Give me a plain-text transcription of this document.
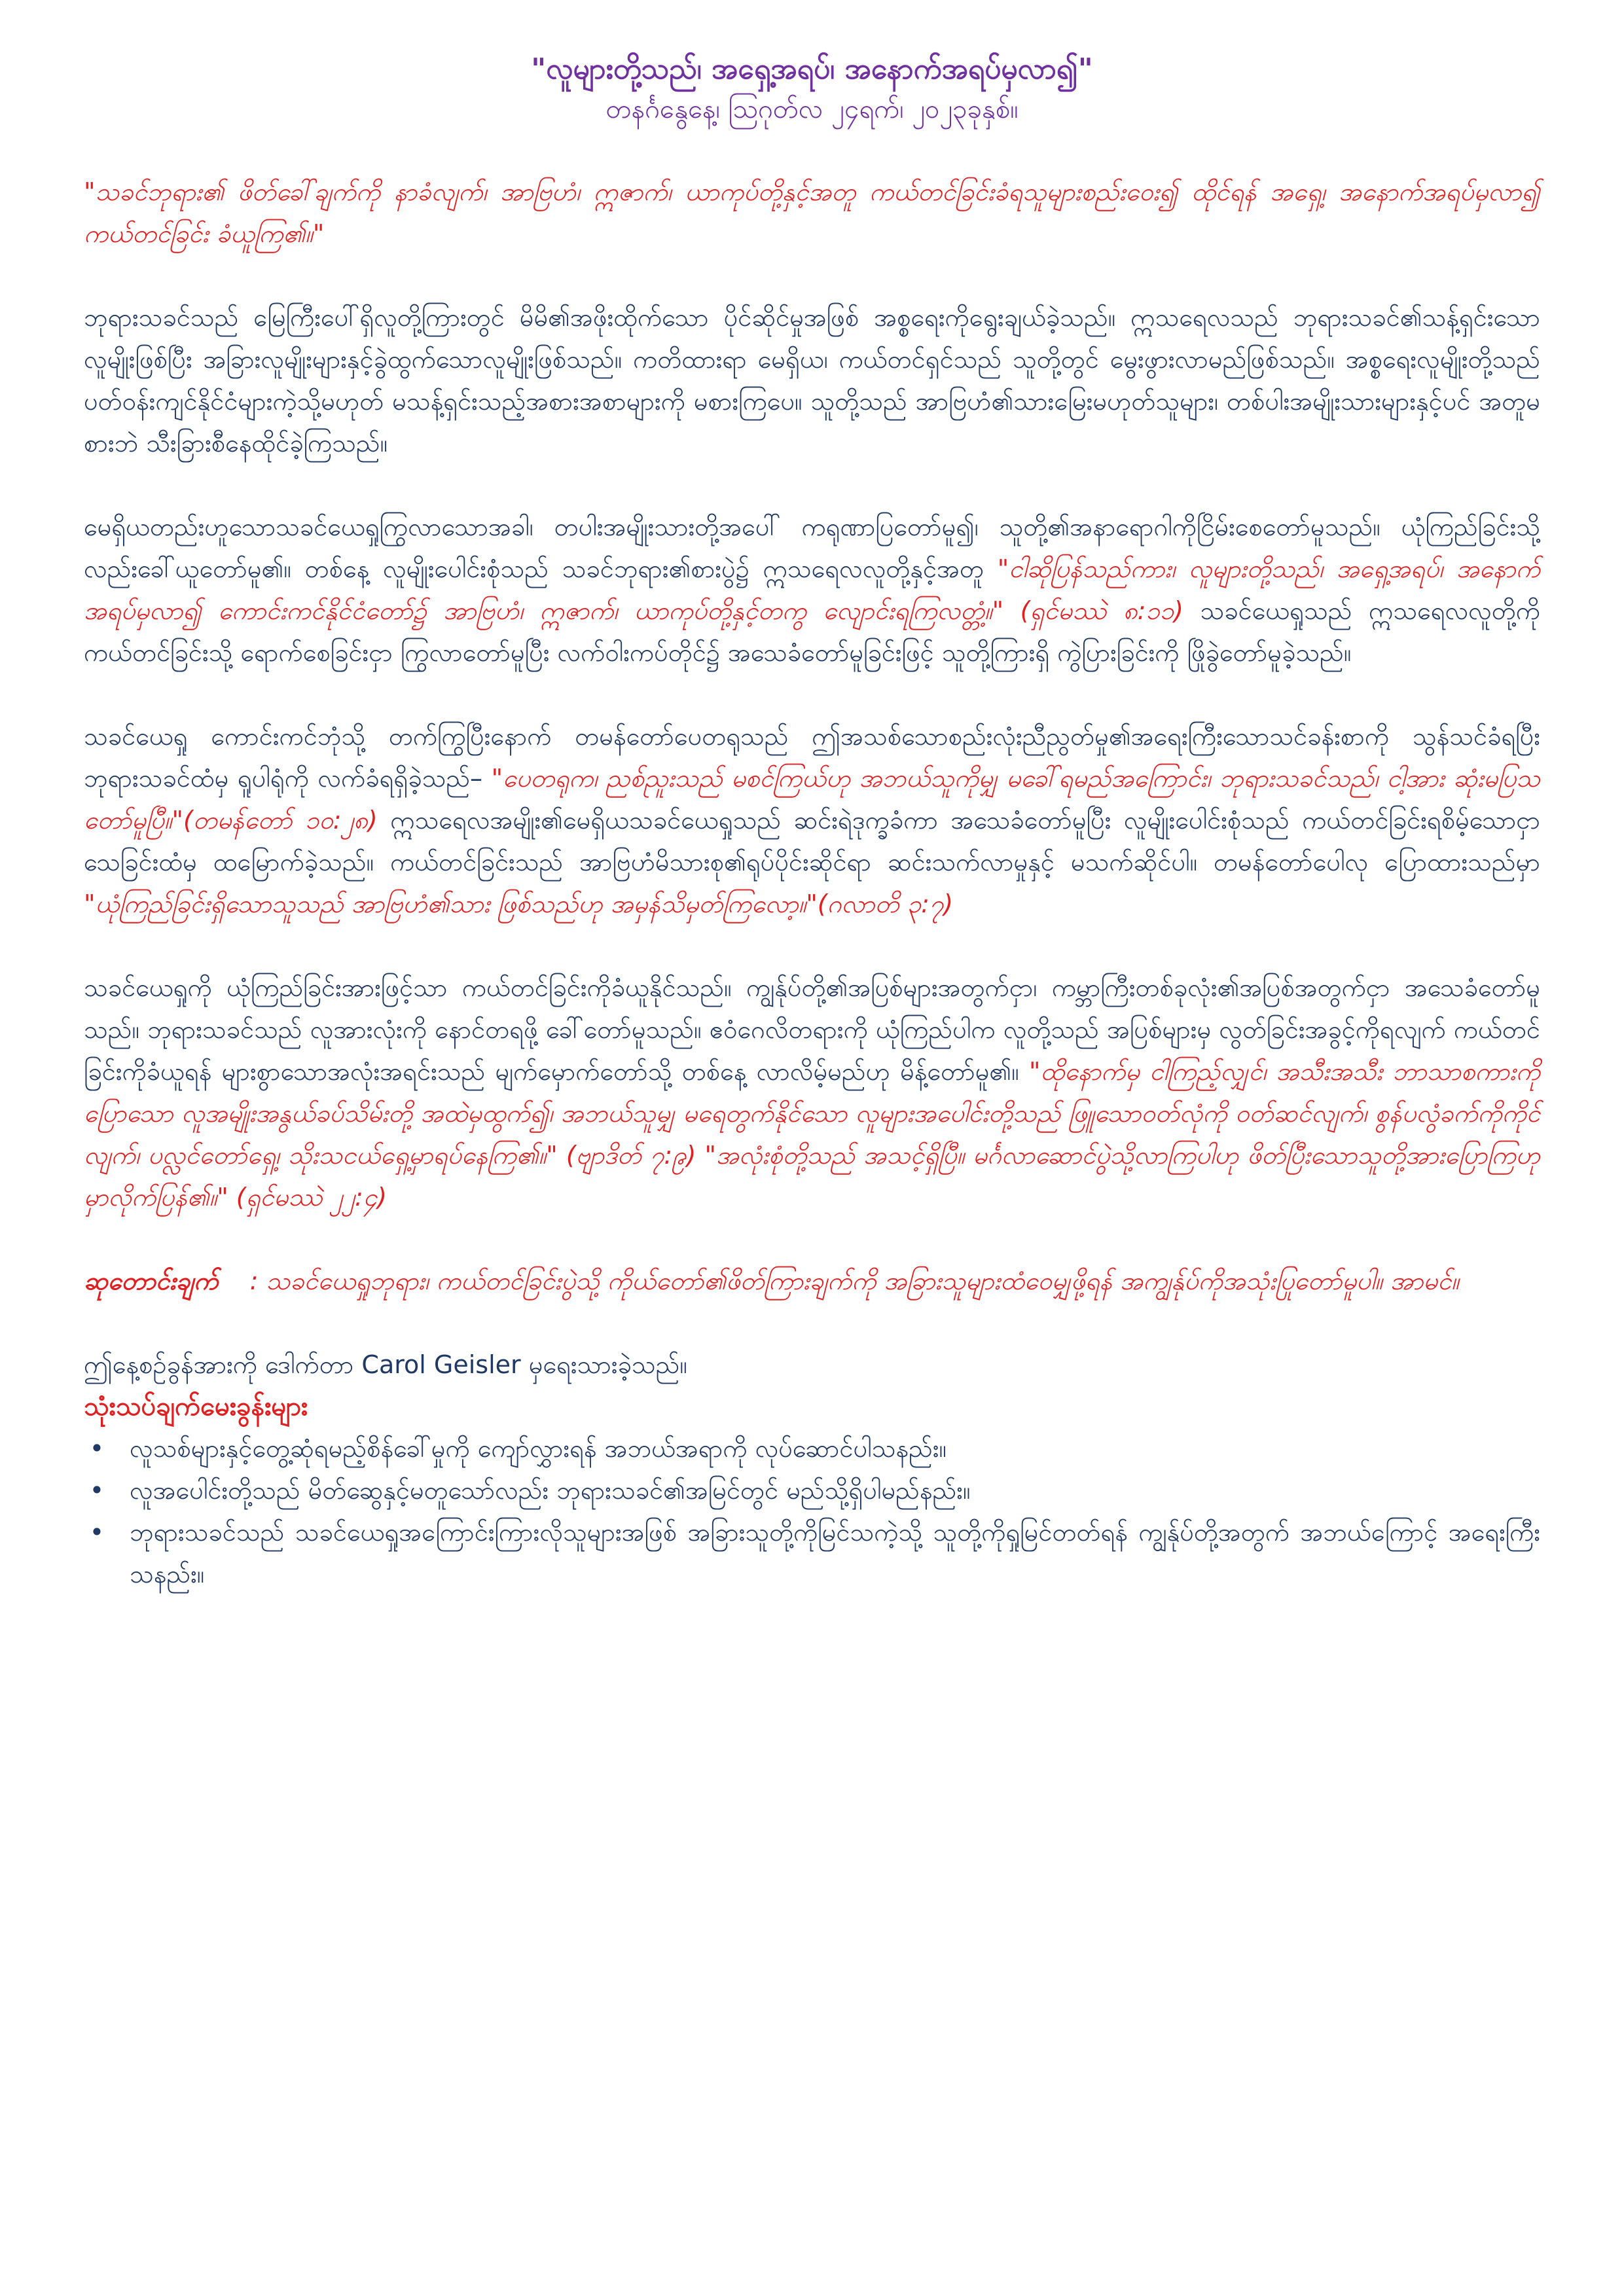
"လူများတို့သည်၊ အရှေ့အရပ်၊ အနောက်အရပ်မှလာ၍"

တနင်္ဂနွေနေ့၊ ဩဂုတ်လ ၂၄ရက်၊ ၂၀၂၃ခုနှစ်။

"သခင်ဘုရား၏ ဖိတ်ခေါ်ချက်ကို နာခံလျက်၊ အာဗြဟံ၊ ဣဇာက်၊ ယာကုပ်တို့နှင့်အတူ ကယ်တင်ခြင်းခံရသူများစည်းဝေး၍ ထိုင်ရန် အရှေ့၊ အနောက်အရပ်မှလာ၍ ကယ်တင်ခြင်း ခံယူကြ၏။"

ဘုရားသခင်သည် မြေကြီးပေါ်ရှိလူတို့ကြားတွင် မိမိ၏အဖိုးထိုက်သော ပိုင်ဆိုင်မှုအဖြစ် အစ္စရေးကိုရွေးချယ်ခဲ့သည်။ ဣသရေလသည် ဘုရားသခင်၏သန့်ရှင်းသောလူမျိုးဖြစ်ပြီး အခြားလူမျိုးများနှင့်ခွဲထွက်သောလူမျိုးဖြစ်သည်။ ကတိထားရာ မေရှိယ၊ ကယ်တင်ရှင်သည် သူတို့တွင် မွေးဖွားလာမည်ဖြစ်သည်။ အစ္စရေးလူမျိုးတို့သည် ပတ်ဝန်းကျင်နိုင်ငံများကဲ့သို့မဟုတ် မသန့်ရှင်းသည့်အစားအစာများကို မစားကြပေ။ သူတို့သည် အာဗြဟံ၏သားမြေးမဟုတ်သူများ၊ တစ်ပါးအမျိုးသားများနှင့်ပင် အတူမစားဘဲ သီးခြားစီနေထိုင်ခဲ့ကြသည်။

မေရှိယတည်းဟူသောသခင်ယေရှုကြွလာသောအခါ၊ တပါးအမျိုးသားတို့အပေါ် ကရုဏာပြတော်မူ၍၊ သူတို့၏အနာရောဂါကိုငြိမ်းစေတော်မူသည်။ ယုံကြည်ခြင်းသို့လည်းခေါ်ယူတော်မူ၏။ တစ်နေ့ လူမျိုးပေါင်းစုံသည် သခင်ဘုရား၏စားပွဲ၌ ဣသရေလလူတို့နှင့်အတူ "ငါဆိုပြန်သည်ကား၊ လူများတို့သည်၊ အရှေ့အရပ်၊ အနောက်အရပ်မှလာ၍ ကောင်းကင်နိုင်ငံတော်၌ အာဗြဟံ၊ ဣဇာက်၊ ယာကုပ်တို့နှင့်တကွ လျောင်းရကြလတ္တံ့။" (ရှင်မဿဲ ၈:၁၁) သခင်ယေရှုသည် ဣသရေလလူတို့ကို ကယ်တင်ခြင်းသို့ ရောက်စေခြင်းငှာ ကြွလာတော်မူပြီး လက်ဝါးကပ်တိုင်၌ အသေခံတော်မူခြင်းဖြင့် သူတို့ကြားရှိ ကွဲပြားခြင်းကို ဖြိုခွဲတော်မူခဲ့သည်။

သခင်ယေရှု ကောင်းကင်ဘုံသို့ တက်ကြွပြီးနောက် တမန်တော်ပေတရုသည် ဤအသစ်သောစည်းလုံးညီညွတ်မှု၏အရေးကြီးသောသင်ခန်းစာကို သွန်သင်ခံရပြီး ဘုရားသခင်ထံမှ ရူပါရုံကို လက်ခံရရှိခဲ့သည်– "ပေတရုက၊ ညစ်ညူးသည် မစင်ကြယ်ဟု အဘယ်သူကိုမျှ မခေါ်ရမည်အကြောင်း၊ ဘုရားသခင်သည်၊ ငါ့အား ဆုံးမပြသတော်မူပြီ။"(တမန်တော် ၁၀:၂၈) ဣသရေလအမျိုး၏မေရှိယသခင်ယေရှုသည် ဆင်းရဲဒုက္ခခံကာ အသေခံတော်မူပြီး လူမျိုးပေါင်းစုံသည် ကယ်တင်ခြင်းရစိမ့်သောငှာသေခြင်းထံမှ ထမြောက်ခဲ့သည်။ ကယ်တင်ခြင်းသည် အာဗြဟံမိသားစု၏ရုပ်ပိုင်းဆိုင်ရာ ဆင်းသက်လာမှုနှင့် မသက်ဆိုင်ပါ။ တမန်တော်ပေါလု ပြောထားသည်မှာ "ယုံကြည်ခြင်းရှိသောသူသည် အာဗြဟံ၏သား ဖြစ်သည်ဟု အမှန်သိမှတ်ကြလော့။"(ဂလာတိ ၃:၇)

သခင်ယေရှုကို ယုံကြည်ခြင်းအားဖြင့်သာ ကယ်တင်ခြင်းကိုခံယူနိုင်သည်။ ကျွန်ုပ်တို့၏အပြစ်များအတွက်ငှာ၊ ကမ္ဘာကြီးတစ်ခုလုံး၏အပြစ်အတွက်ငှာ အသေခံတော်မူသည်။ ဘုရားသခင်သည် လူအားလုံးကို နောင်တရဖို့ ခေါ်တော်မူသည်။ ဧဝံဂေလိတရားကို ယုံကြည်ပါက လူတို့သည် အပြစ်များမှ လွတ်ခြင်းအခွင့်ကိုရလျက် ကယ်တင်ခြင်းကိုခံယူရန် များစွာသောအလုံးအရင်းသည် မျက်မှောက်တော်သို့ တစ်နေ့ လာလိမ့်မည်ဟု မိန့်တော်မူ၏။ "ထိုနောက်မှ ငါကြည့်လျှင်၊ အသီးအသီး ဘာသာစကားကို ပြောသော လူအမျိုးအနွယ်ခပ်သိမ်းတို့ အထဲမှထွက်၍၊ အဘယ်သူမျှ မရေတွက်နိုင်သော လူများအပေါင်းတို့သည် ဖြူသောဝတ်လုံကို ဝတ်ဆင်လျက်၊ စွန်ပလွံခက်ကိုကိုင်လျက်၊ ပလ္လင်တော်ရှေ့၊ သိုးသငယ်ရှေ့မှာရပ်နေကြ၏။" (ဗျာဒိတ် ၇:၉) "အလုံးစုံတို့သည် အသင့်ရှိပြီ။ မင်္ဂလာဆောင်ပွဲသို့လာကြပါဟု ဖိတ်ပြီးသောသူတို့အားပြောကြဟု မှာလိုက်ပြန်၏။" (ရှင်မဿဲ ၂၂:၄)

ဆုတောင်းချက်    : သခင်ယေရှုဘုရား၊ ကယ်တင်ခြင်းပွဲသို့ ကိုယ်တော်၏ဖိတ်ကြားချက်ကို အခြားသူများထံဝေမျှဖို့ရန် အကျွန်ုပ်ကိုအသုံးပြုတော်မူပါ။ အာမင်။

ဤနေ့စဉ်ခွန်အားကို ဒေါက်တာ Carol Geisler မှရေးသားခဲ့သည်။

သုံးသပ်ချက်မေးခွန်းများ

• လူသစ်များနှင့်တွေ့ဆုံရမည့်စိန်ခေါ်မှုကို ကျော်လွှားရန် အဘယ်အရာကို လုပ်ဆောင်ပါသနည်း။
• လူအပေါင်းတို့သည် မိတ်ဆွေနှင့်မတူသော်လည်း ဘုရားသခင်၏အမြင်တွင် မည်သို့ရှိပါမည်နည်း။
• ဘုရားသခင်သည် သခင်ယေရှုအကြောင်းကြားလိုသူများအဖြစ် အခြားသူတို့ကိုမြင်သကဲ့သို့ သူတို့ကိုရှုမြင်တတ်ရန် ကျွန်ုပ်တို့အတွက် အဘယ်ကြောင့် အရေးကြီးသနည်း။
